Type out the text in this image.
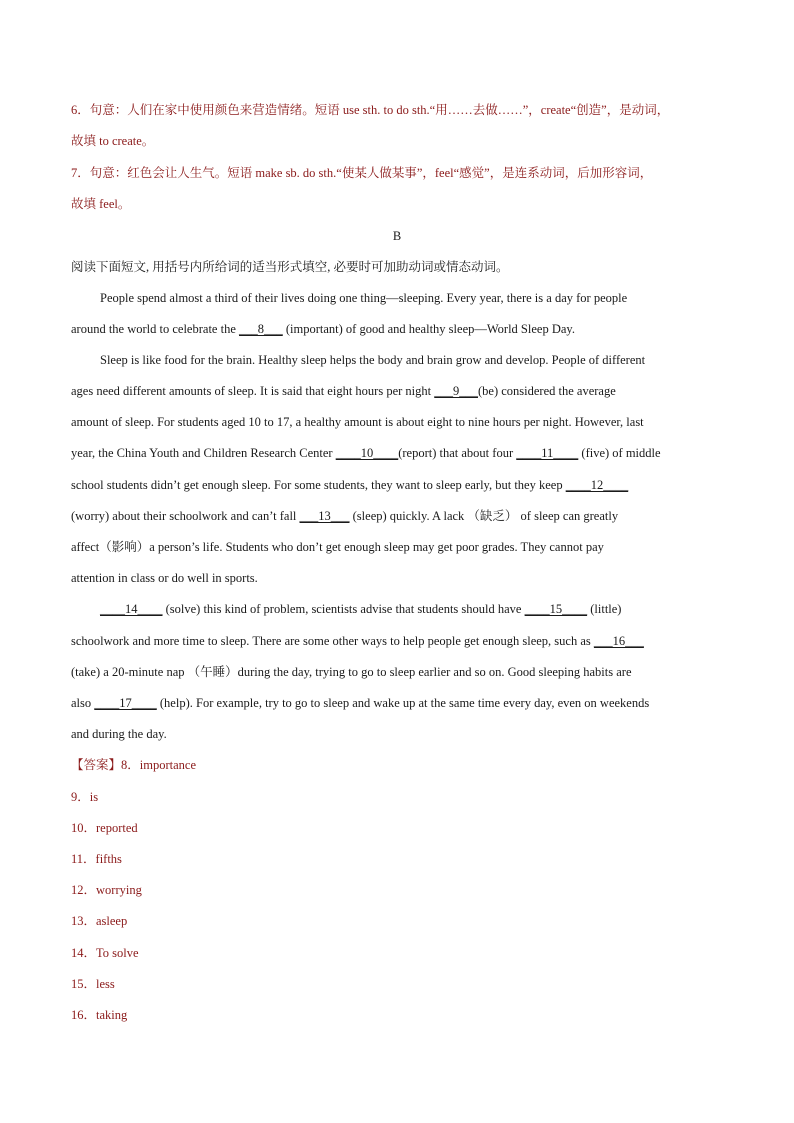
6．句意：人们在家中使用颜色来营造情绪。短语 use sth. to do sth.“用……去做……”，create“创造”，是动词，
故填 to create。
7．句意：红色会让人生气。短语 make sb. do sth.“使某人做某事”，feel“感觉”，是连系动词，后加形容词，
故填 feel。
B
阅读下面短文, 用括号内所给词的适当形式填空, 必要时可加助动词或情态动词。
People spend almost a third of their lives doing one thing—sleeping. Every year, there is a day for people
around the world to celebrate the ___8___ (important) of good and healthy sleep—World Sleep Day.
Sleep is like food for the brain. Healthy sleep helps the body and brain grow and develop. People of different
ages need different amounts of sleep. It is said that eight hours per night ___9___(be) considered the average
amount of sleep. For students aged 10 to 17, a healthy amount is about eight to nine hours per night. However, last
year, the China Youth and Children Research Center ____10____(report) that about four ____11____ (five) of middle
school students didn’t get enough sleep. For some students, they want to sleep early, but they keep ____12____
(worry) about their schoolwork and can’t fall ___13___ (sleep) quickly. A lack （缺乏） of sleep can greatly
affect（影响）a person’s life. Students who don’t get enough sleep may get poor grades. They cannot pay
attention in class or do well in sports.
____14____ (solve) this kind of problem, scientists advise that students should have ____15____ (little)
schoolwork and more time to sleep. There are some other ways to help people get enough sleep, such as ___16___
(take) a 20-minute nap （午睡）during the day, trying to go to sleep earlier and so on. Good sleeping habits are
also ____17____ (help). For example, try to go to sleep and wake up at the same time every day, even on weekends
and during the day.
【答案】8．importance
9．is
10．reported
11．fifths
12．worrying
13．asleep
14．To solve
15．less
16．taking
